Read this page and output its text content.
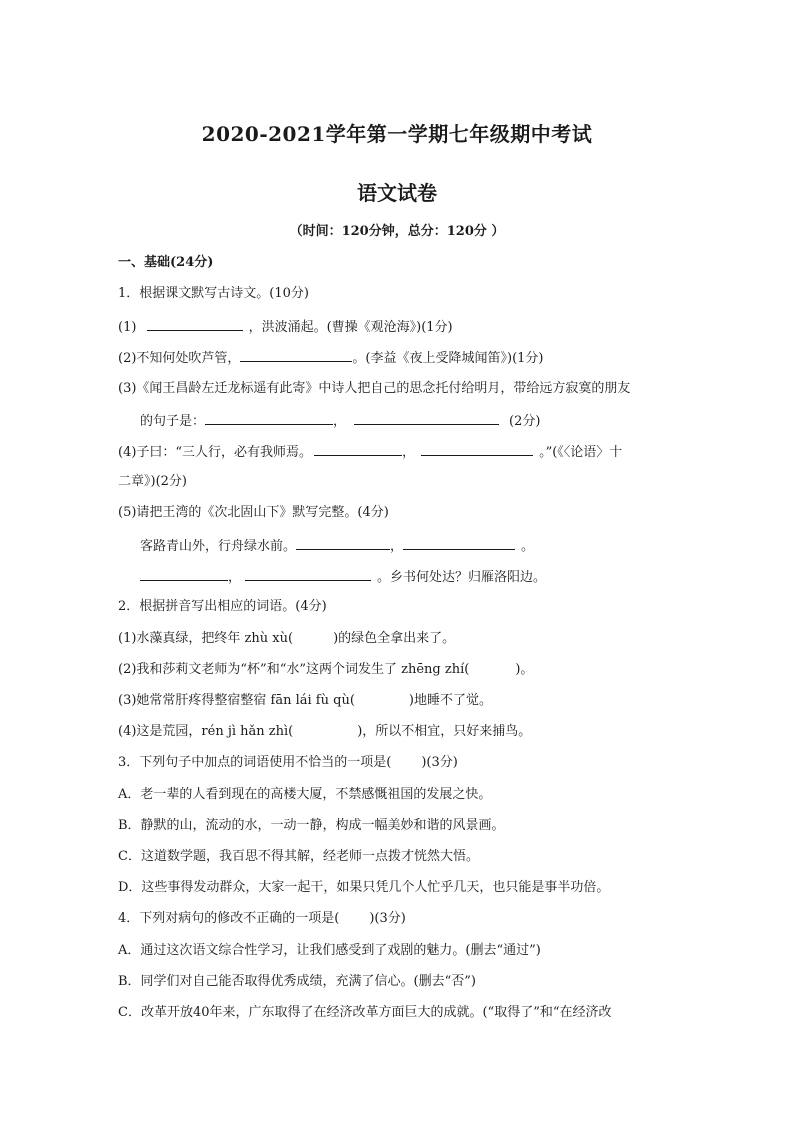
2020-2021学年第一学期七年级期中考试
语文试卷
（时间：120分钟，总分：120分 ）
一、基础(24分)
1．根据课文默写古诗文。(10分)
(1)	，洪波涌起。(曹操《观沧海》)(1分)
(2)不知何处吹芦管，	。(李益《夜上受降城闻笛》)(1分)
(3)《闻王昌龄左迁龙标遥有此寄》中诗人把自己的思念托付给明月，带给远方寂寞的朋友
的句子是：	，	(2分)
(4)子曰：“三人行，必有我师焉。	，	。”(《〈论语〉十
二章》)(2分)
(5)请把王湾的《次北固山下》默写完整。(4分)
客路青山外，行舟绿水前。	，	。
，	。乡书何处达？归雁洛阳边。
2．根据拼音写出相应的词语。(4分)
(1)水藻真绿，把终年 zhù xù(	)的绿色全拿出来了。
(2)我和莎莉文老师为“杯”和“水”这两个词发生了 zhēng zhí(	)。
(3)她常常肝疼得整宿整宿 fān lái fù qù(	)地睡不了觉。
(4)这是荒园，rén jì hǎn zhì(	)，所以不相宜，只好来捕鸟。
3．下列句子中加点的词语使用不恰当的一项是( )(3分)
A．老一辈的人看到现在的高楼大厦，不禁感慨祖国的发展之快。
B．静默的山，流动的水，一动一静，构成一幅美妙和谐的风景画。
C．这道数学题，我百思不得其解，经老师一点拨才恍然大悟。
D．这些事得发动群众，大家一起干，如果只凭几个人忙乎几天，也只能是事半功倍。
4．下列对病句的修改不正确的一项是( )(3分)
A．通过这次语文综合性学习，让我们感受到了戏剧的魅力。(删去“通过”)
B．同学们对自己能否取得优秀成绩，充满了信心。(删去“否”)
C．改革开放40年来，广东取得了在经济改革方面巨大的成就。(“取得了”和“在经济改
